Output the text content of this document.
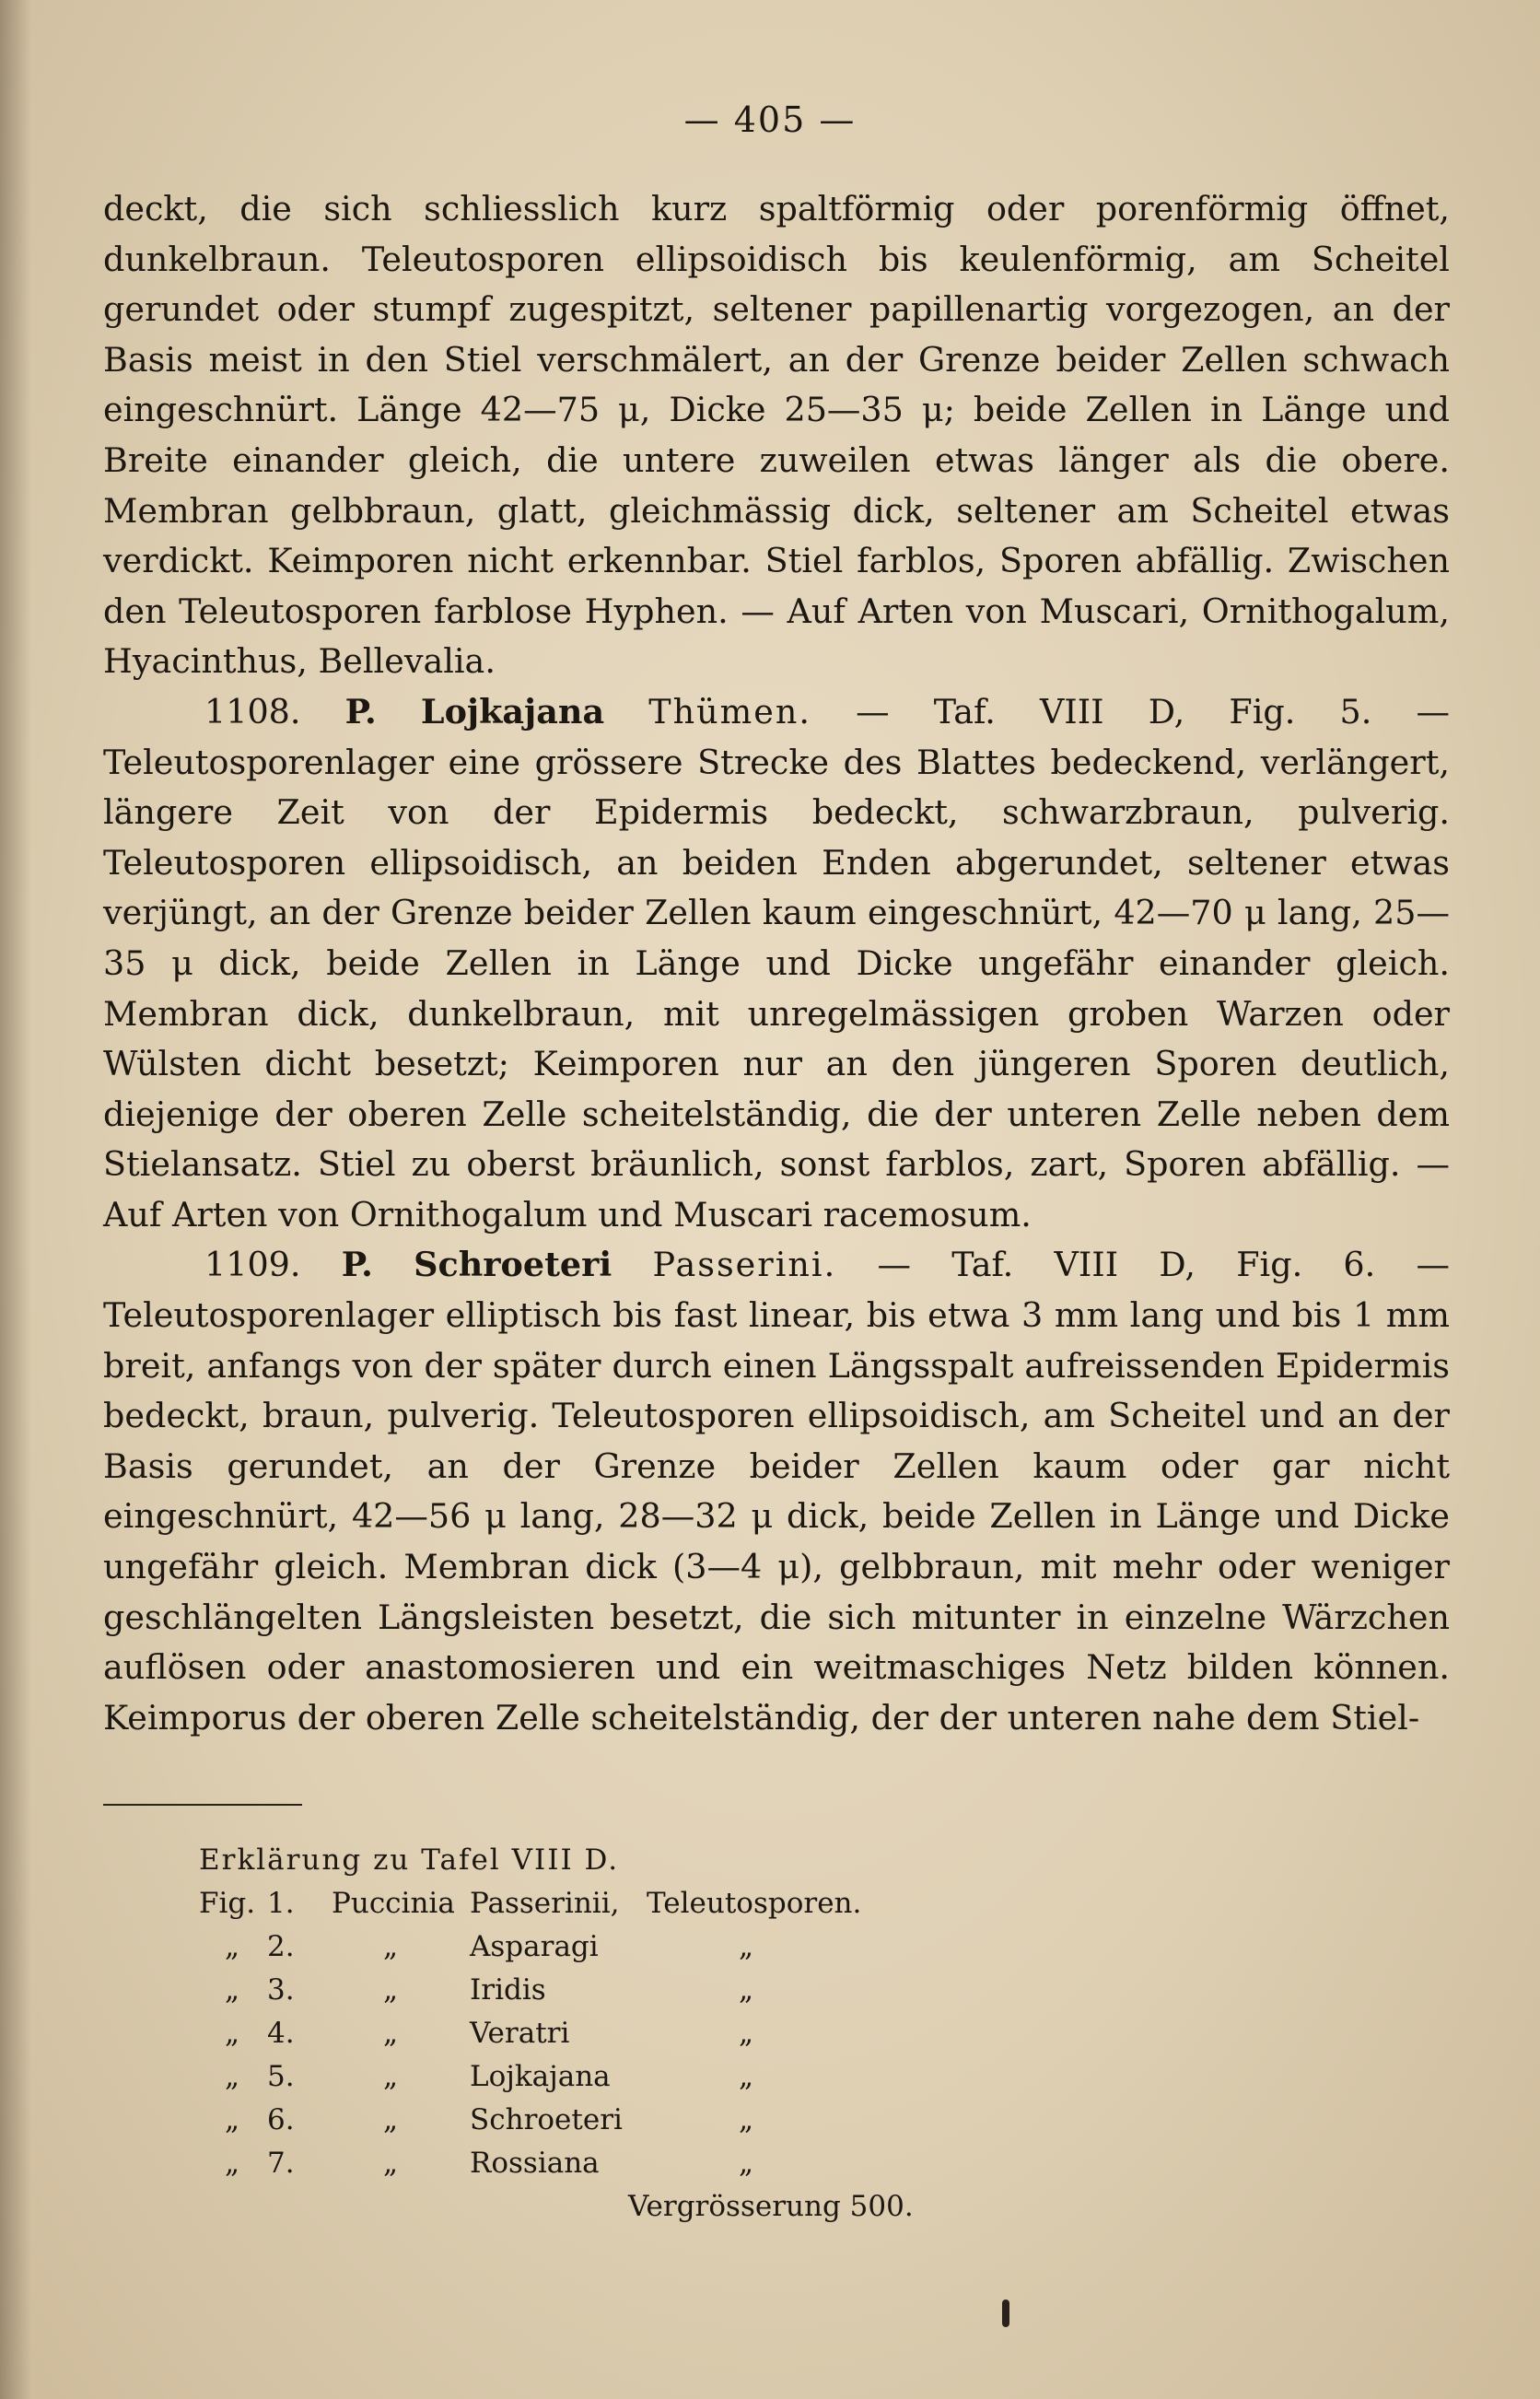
— 405 —

deckt, die sich schliesslich kurz spaltförmig oder porenförmig öffnet, dunkelbraun. Teleutosporen ellipsoidisch bis keulenförmig, am Scheitel gerundet oder stumpf zugespitzt, seltener papillenartig vorgezogen, an der Basis meist in den Stiel verschmälert, an der Grenze beider Zellen schwach eingeschnürt. Länge 42—75 μ, Dicke 25—35 μ; beide Zellen in Länge und Breite einander gleich, die untere zuweilen etwas länger als die obere. Membran gelbbraun, glatt, gleichmässig dick, seltener am Scheitel etwas verdickt. Keimporen nicht erkennbar. Stiel farblos, Sporen abfällig. Zwischen den Teleutosporen farblose Hyphen. — Auf Arten von Muscari, Ornithogalum, Hyacinthus, Bellevalia.

1108. P. Lojkajana Thümen. — Taf. VIII D, Fig. 5. — Teleutosporenlager eine grössere Strecke des Blattes bedeckend, verlängert, längere Zeit von der Epidermis bedeckt, schwarzbraun, pulverig. Teleutosporen ellipsoidisch, an beiden Enden abgerundet, seltener etwas verjüngt, an der Grenze beider Zellen kaum eingeschnürt, 42—70 μ lang, 25—35 μ dick, beide Zellen in Länge und Dicke ungefähr einander gleich. Membran dick, dunkelbraun, mit unregelmässigen groben Warzen oder Wülsten dicht besetzt; Keimporen nur an den jüngeren Sporen deutlich, diejenige der oberen Zelle scheitelständig, die der unteren Zelle neben dem Stielansatz. Stiel zu oberst bräunlich, sonst farblos, zart, Sporen abfällig. — Auf Arten von Ornithogalum und Muscari racemosum.

1109. P. Schroeteri Passerini. — Taf. VIII D, Fig. 6. — Teleutosporenlager elliptisch bis fast linear, bis etwa 3 mm lang und bis 1 mm breit, anfangs von der später durch einen Längsspalt aufreissenden Epidermis bedeckt, braun, pulverig. Teleutosporen ellipsoidisch, am Scheitel und an der Basis gerundet, an der Grenze beider Zellen kaum oder gar nicht eingeschnürt, 42—56 μ lang, 28—32 μ dick, beide Zellen in Länge und Dicke ungefähr gleich. Membran dick (3—4 μ), gelbbraun, mit mehr oder weniger geschlängelten Längsleisten besetzt, die sich mitunter in einzelne Wärzchen auflösen oder anastomosieren und ein weitmaschiges Netz bilden können. Keimporus der oberen Zelle scheitelständig, der der unteren nahe dem Stiel-

Erklärung zu Tafel VIII D.
Fig. 1. Puccinia Passerinii, Teleutosporen.
„ 2.	„	Asparagi	„
„ 3.	„	Iridis	„
„ 4.	„	Veratri	„
„ 5.	„	Lojkajana	„
„ 6.	„	Schroeteri	„
„ 7.	„	Rossiana	„
Vergrösserung 500.
